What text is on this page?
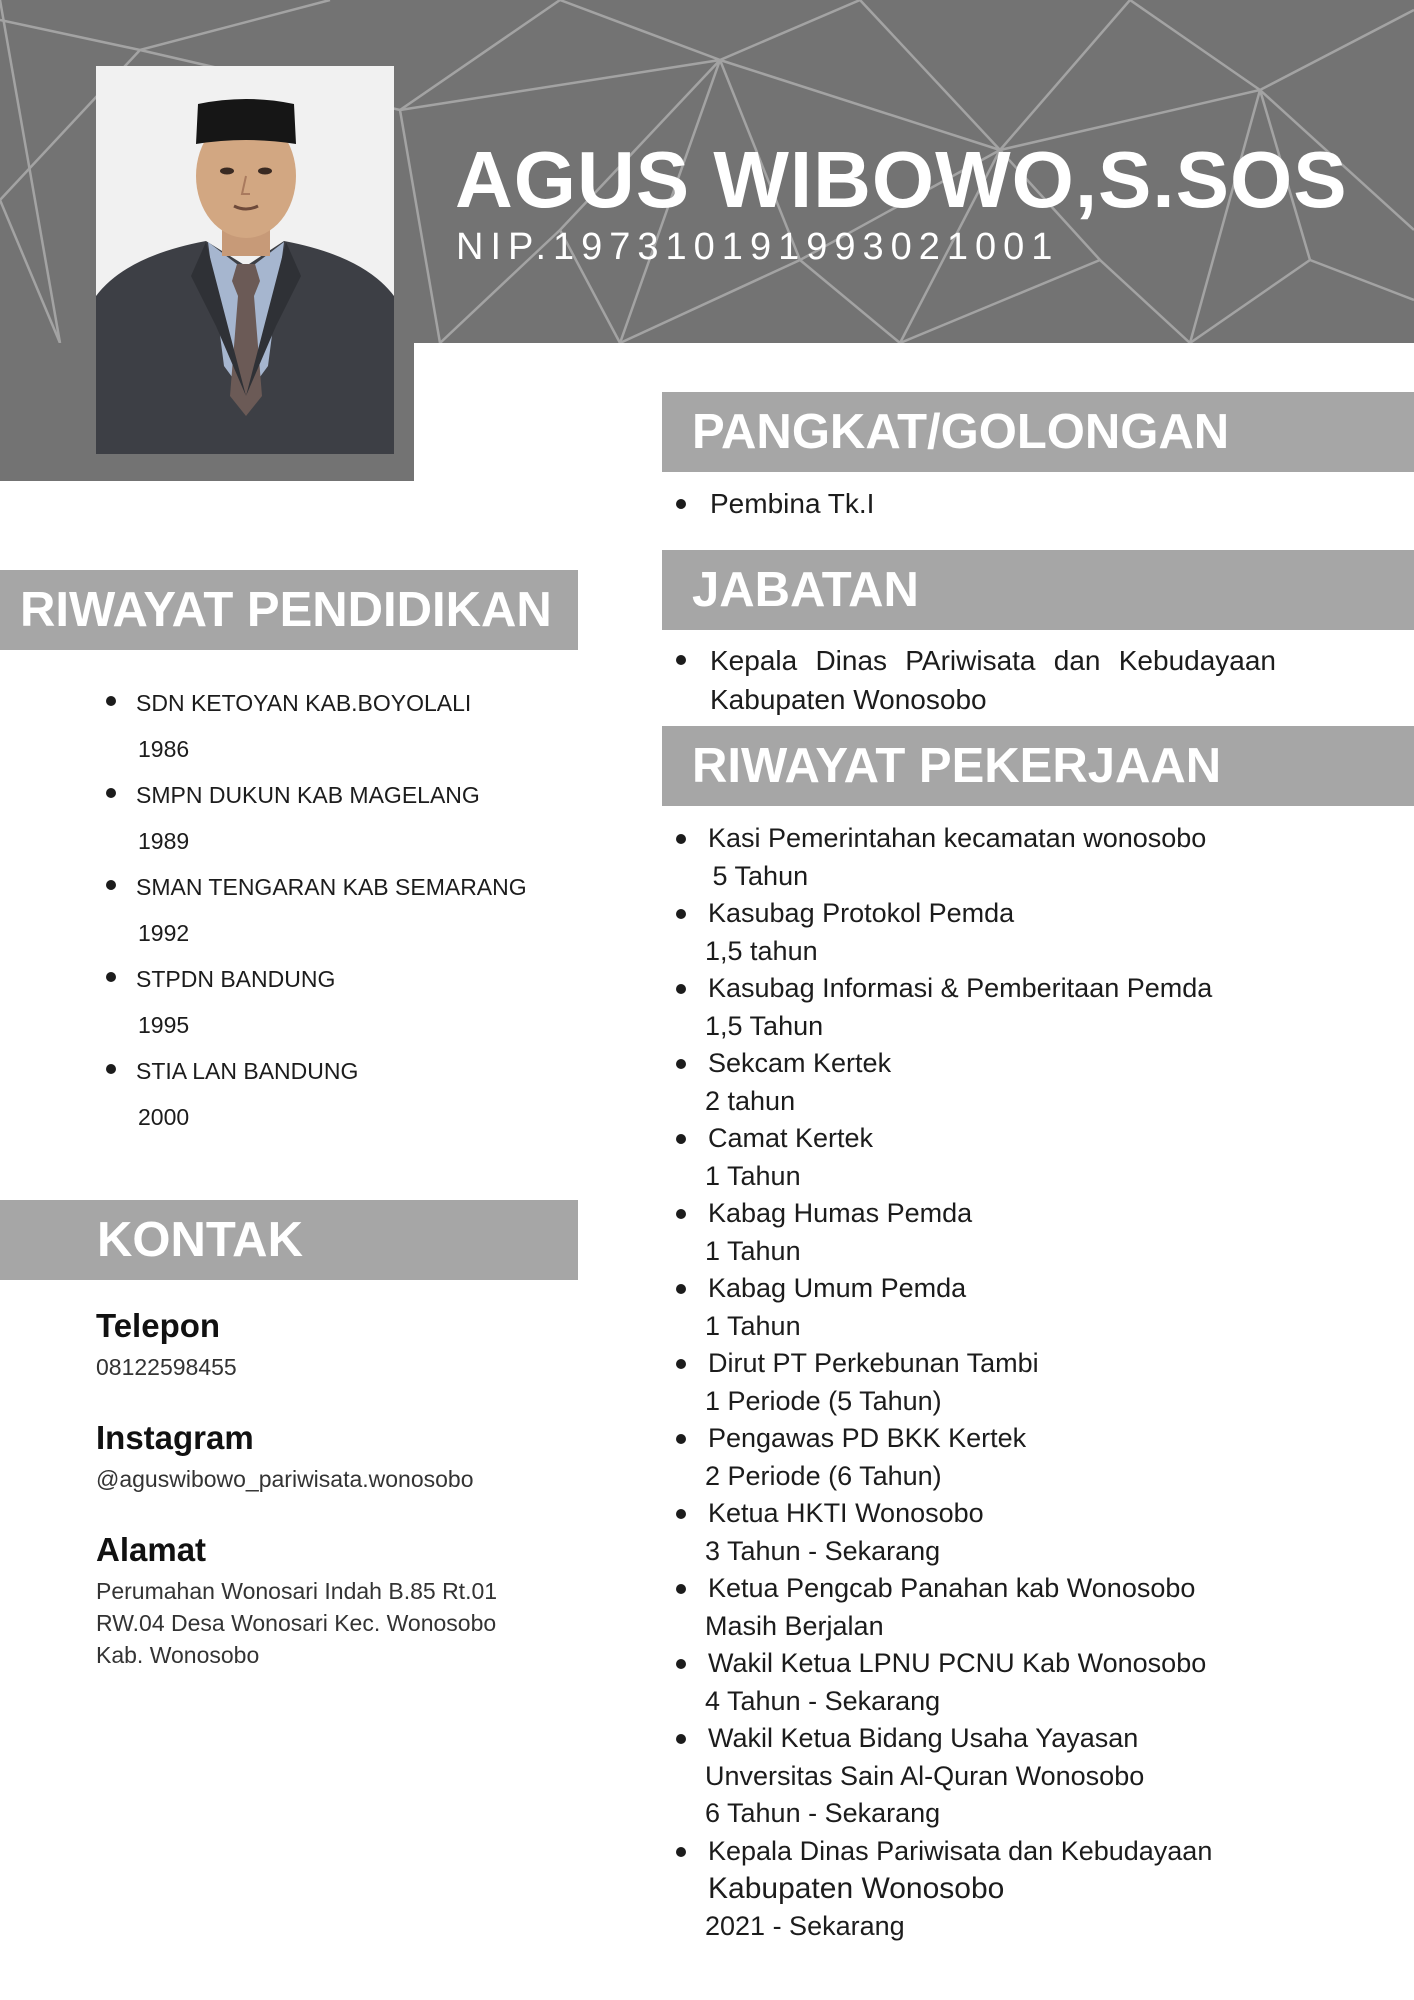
AGUS WIBOWO,S.SOS
NIP.197310191993021001
PANGKAT/GOLONGAN
Pembina Tk.I
JABATAN
Kepala Dinas PAriwisata dan Kebudayaan Kabupaten Wonosobo
RIWAYAT PEKERJAAN
Kasi Pemerintahan kecamatan wonosobo
5 Tahun
Kasubag Protokol Pemda
1,5 tahun
Kasubag Informasi & Pemberitaan Pemda
1,5 Tahun
Sekcam Kertek
2 tahun
Camat Kertek
1 Tahun
Kabag Humas Pemda
1 Tahun
Kabag Umum Pemda
1 Tahun
Dirut PT Perkebunan Tambi
1 Periode (5 Tahun)
Pengawas PD BKK Kertek
2 Periode (6 Tahun)
Ketua HKTI Wonosobo
3 Tahun - Sekarang
Ketua Pengcab Panahan kab Wonosobo
Masih Berjalan
Wakil Ketua LPNU PCNU Kab Wonosobo
4 Tahun - Sekarang
Wakil Ketua Bidang Usaha Yayasan
Unversitas Sain Al-Quran Wonosobo
6 Tahun - Sekarang
Kepala Dinas Pariwisata dan Kebudayaan
Kabupaten Wonosobo
2021 - Sekarang
RIWAYAT PENDIDIKAN
SDN KETOYAN KAB.BOYOLALI
1986
SMPN DUKUN KAB MAGELANG
1989
SMAN TENGARAN KAB SEMARANG
1992
STPDN BANDUNG
1995
STIA LAN BANDUNG
2000
KONTAK
Telepon
08122598455
Instagram
@aguswibowo_pariwisata.wonosobo
Alamat
Perumahan Wonosari Indah B.85 Rt.01 RW.04 Desa Wonosari Kec. Wonosobo Kab. Wonosobo
